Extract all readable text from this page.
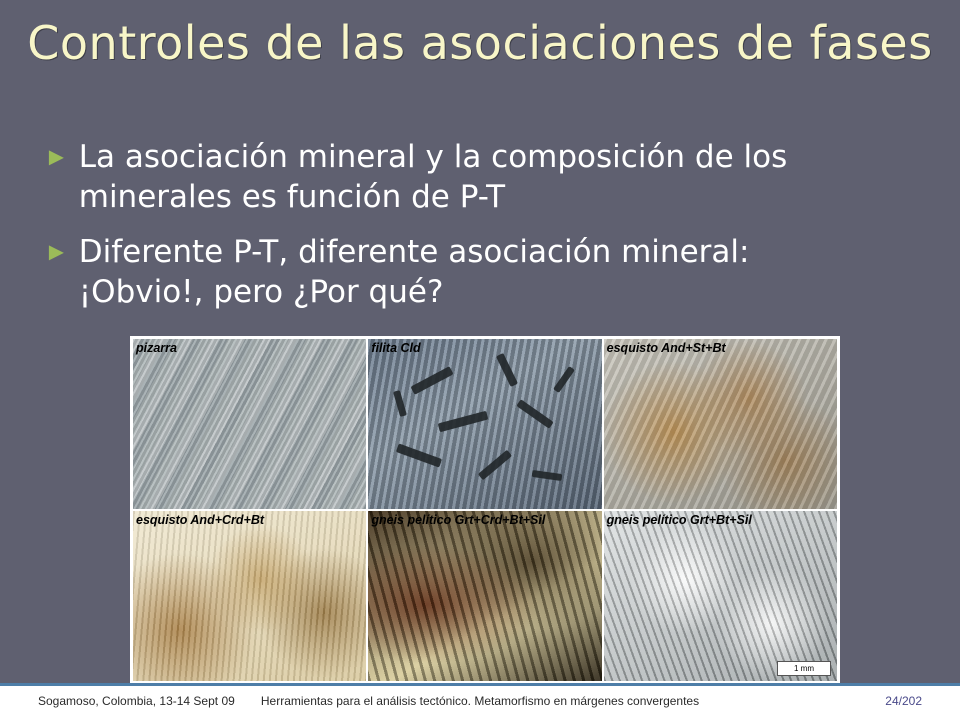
Controles de las asociaciones de fases
► La asociación mineral y la composición de los minerales es función de P-T
► Diferente P-T, diferente asociación mineral: ¡Obvio!, pero ¿Por qué?
pizarra	filita Cld	esquisto And+St+Bt
esquisto And+Crd+Bt	gneis pelítico Grt+Crd+Bt+Sil	gneis pelítico Grt+Bt+Sil
1 mm
Sogamoso, Colombia, 13-14 Sept 09 Herramientas para el análisis tectónico. Metamorfismo en márgenes convergentes	24/202
